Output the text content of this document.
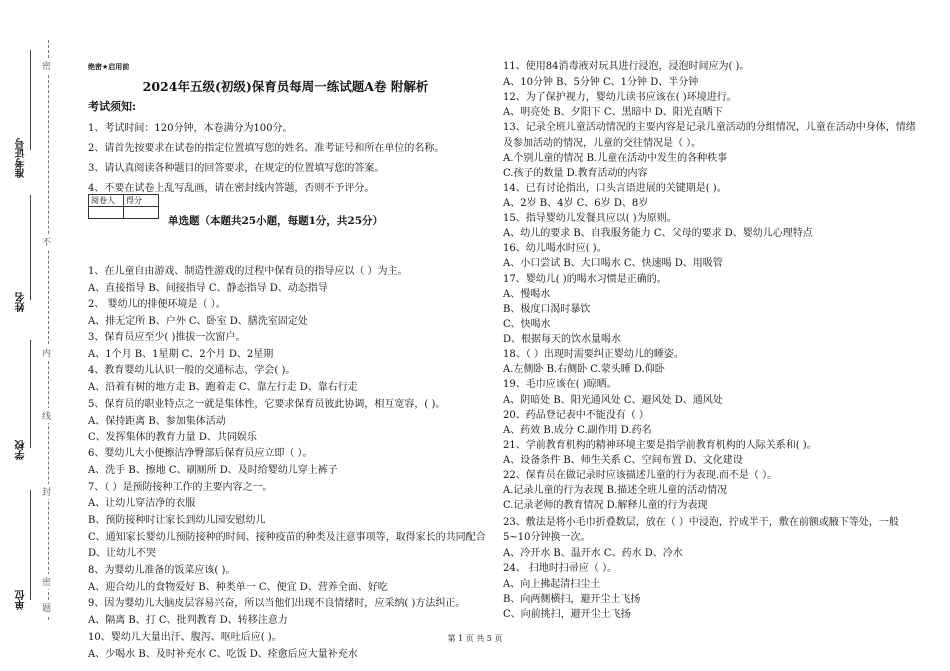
准考证号
姓名
学校
单位
密
不
内
线
封
密
题
绝密★启用前
2024年五级(初级)保育员每周一练试题A卷 附解析
考试须知:
1、考试时间：120分钟，本卷满分为100分。
2、请首先按要求在试卷的指定位置填写您的姓名、准考证号和所在单位的名称。
3、请认真阅读各种题目的回答要求，在规定的位置填写您的答案。
4、不要在试卷上乱写乱画，请在密封线内答题，否则不予评分。
阅卷人	得分

单选题（本题共25小题，每题1分，共25分）
1、在儿童自由游戏、制造性游戏的过程中保育员的指导应以（ ）为主。
A、直接指导 B、间接指导 C、静态指导 D、动态指导
2、 婴幼儿的排便环境是（ ）。
A、排无定所 B、户外 C、卧室 D、膳洗室固定处
3、保育员应至少( )推拔一次窗户。
A、1个月 B、1星期 C、2个月 D、2星期
4、教育婴幼儿认识一般的交通标志，学会( )。
A、沿着有树的地方走 B、跑着走 C、靠左行走 D、靠右行走
5、保育员的职业特点之一就是集体性，它要求保育员彼此协调，相互宽容，( )。
A、保持距离 B、参加集体活动
C、发挥集体的教育力量 D、共同娱乐
6、婴幼儿大小便擦洁净臀部后保育员应立即（ ）。
A、洗手 B、擦地 C、刷厕所 D、及时给婴幼儿穿上裤子
7、（ ）是预防接种工作的主要内容之一。
A、让幼儿穿洁净的衣服
B、预防接种时让家长到幼儿园安慰幼儿
C、通知家长婴幼儿预防接种的时间、接种疫苗的种类及注意事项等，取得家长的共同配合
D、让幼儿不哭
8、为婴幼儿准备的饭菜应该( )。
A、迎合幼儿的食物爱好 B、种类单一 C、便宜 D、营养全面、好吃
9、因为婴幼儿大脑皮层容易兴奋，所以当他们出现不良情绪时，应采纳( )方法纠正。
A、隔离 B、打 C、批判教育 D、转移注意力
10、婴幼儿大量出汗、腹泻、呕吐后应( )。
A、少喝水 B、及时补充水 C、吃饭 D、痊愈后应大量补充水
11、使用84消毒液对玩具进行浸泡，浸泡时间应为( )。
A、10分钟 B、5分钟 C、1分钟 D、半分钟
12、为了保护视力，婴幼儿读书应该在( )环境进行。
A、明亮处 B、夕阳下 C、黑暗中 D、阳光直晒下
13、记录全班儿童活动情况的主要内容是记录儿童活动的分组情况，儿童在活动中身体，情绪
及参加活动的情况，儿童的交往情况是（ ）。
A.个别儿童的情况 B.儿童在活动中发生的各种秩事
C.孩子的数量 D.教育活动的内容
14、已有讨论指出，口头言语进展的关键期是( )。
A、2岁 B、4岁 C、6岁 D、8岁
15、指导婴幼儿发餐具应以( )为原则。
A、幼儿的要求 B、自我服务能力 C、父母的要求 D、婴幼儿心理特点
16、幼儿喝水时应( )。
A、小口尝试 B、大口喝水 C、快速喝 D、用吸管
17、婴幼儿( )的喝水习惯是正确的。
A、慢喝水
B、极度口渴时暴饮
C、快喝水
D、根据每天的饮水量喝水
18、（ ）出现时需要纠正婴幼儿的睡姿。
A.左侧卧 B.右侧卧 C.蒙头睡 D.仰卧
19、毛巾应该在( )晾晒。
A、阴暗处 B、阳光通风处 C、避风处 D、通风处
20、药品登记表中不能没有（ ）
A、药效 B.成分 C.副作用 D.药名
21、学前教育机构的精神环境主要是指学前教育机构的人际关系和( )。
A、设备条件 B、师生关系 C、空间布置 D、文化建设
22、保育员在做记录时应该描述儿童的行为表现.而不是（ ）。
A.记录儿童的行为表现 B.描述全班儿童的活动情况
C.记录老师的教育情况 D.解释儿童的行为表现
23、敷法是将小毛巾折叠数层，放在（ ）中浸泡，拧成半干，敷在前额或腋下等处，一般
5~10分钟换一次。
A、冷开水 B、温开水 C、药水 D、冷水
24、 扫地时扫帚应（ ）。
A、向上拂起清扫尘土
B、向两侧横扫，避开尘土飞扬
C、向前挑扫，避开尘土飞扬
第 1 页 共 5 页
